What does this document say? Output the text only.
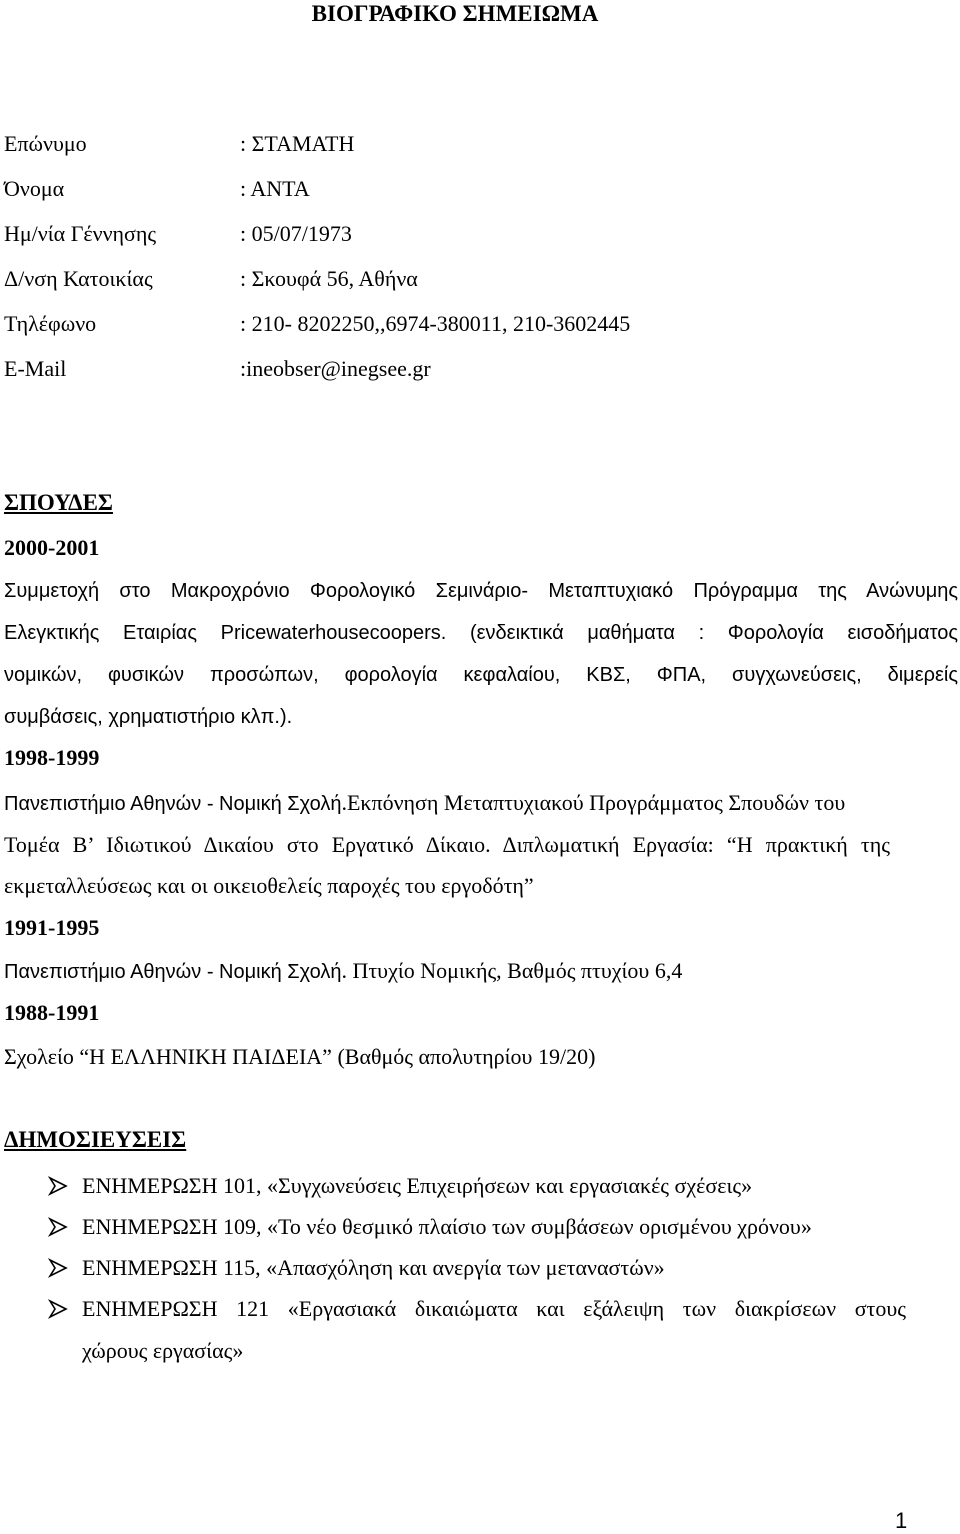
ΒΙΟΓΡΑΦΙΚΟ ΣΗΜΕΙΩΜΑ
Επώνυμο	: ΣΤΑΜΑΤΗ
Όνομα	: ΑΝΤΑ
Ημ/νία Γέννησης	: 05/07/1973
Δ/νση Κατοικίας	: Σκουφά 56, Αθήνα
Τηλέφωνο	: 210- 8202250,,6974-380011, 210-3602445
E-Mail	:ineobser@inegsee.gr
ΣΠΟΥΔΕΣ
2000-2001
Συμμετοχή στο Μακροχρόνιο Φορολογικό Σεμινάριο- Μεταπτυχιακό Πρόγραμμα της Ανώνυμης
Ελεγκτικής Εταιρίας Pricewaterhousecoopers. (ενδεικτικά μαθήματα : Φορολογία εισοδήματος
νομικών, φυσικών προσώπων, φορολογία κεφαλαίου, ΚΒΣ, ΦΠΑ, συγχωνεύσεις, διμερείς
συμβάσεις, χρηματιστήριο κλπ.).
1998-1999
Πανεπιστήμιο Αθηνών - Νομική Σχολή.Εκπόνηση Μεταπτυχιακού Προγράμματος Σπουδών του
Τομέα Β’ Ιδιωτικού Δικαίου στο Εργατικό Δίκαιο. Διπλωματική Εργασία: “Η πρακτική της
εκμεταλλεύσεως και οι οικειοθελείς παροχές του εργοδότη”
1991-1995
Πανεπιστήμιο Αθηνών - Νομική Σχολή. Πτυχίο Νομικής, Βαθμός πτυχίου 6,4
1988-1991
Σχολείο “Η ΕΛΛΗΝΙΚΗ ΠΑΙΔΕΙΑ” (Βαθμός απολυτηρίου 19/20)
ΔΗΜΟΣΙΕΥΣΕΙΣ
ΕΝΗΜΕΡΩΣΗ 101, «Συγχωνεύσεις Επιχειρήσεων και εργασιακές σχέσεις»
ΕΝΗΜΕΡΩΣΗ 109, «Το νέο θεσμικό πλαίσιο των συμβάσεων ορισμένου χρόνου»
ΕΝΗΜΕΡΩΣΗ 115, «Απασχόληση και ανεργία των μεταναστών»
ΕΝΗΜΕΡΩΣΗ 121 «Εργασιακά δικαιώματα και εξάλειψη των διακρίσεων στους
χώρους εργασίας»
1
